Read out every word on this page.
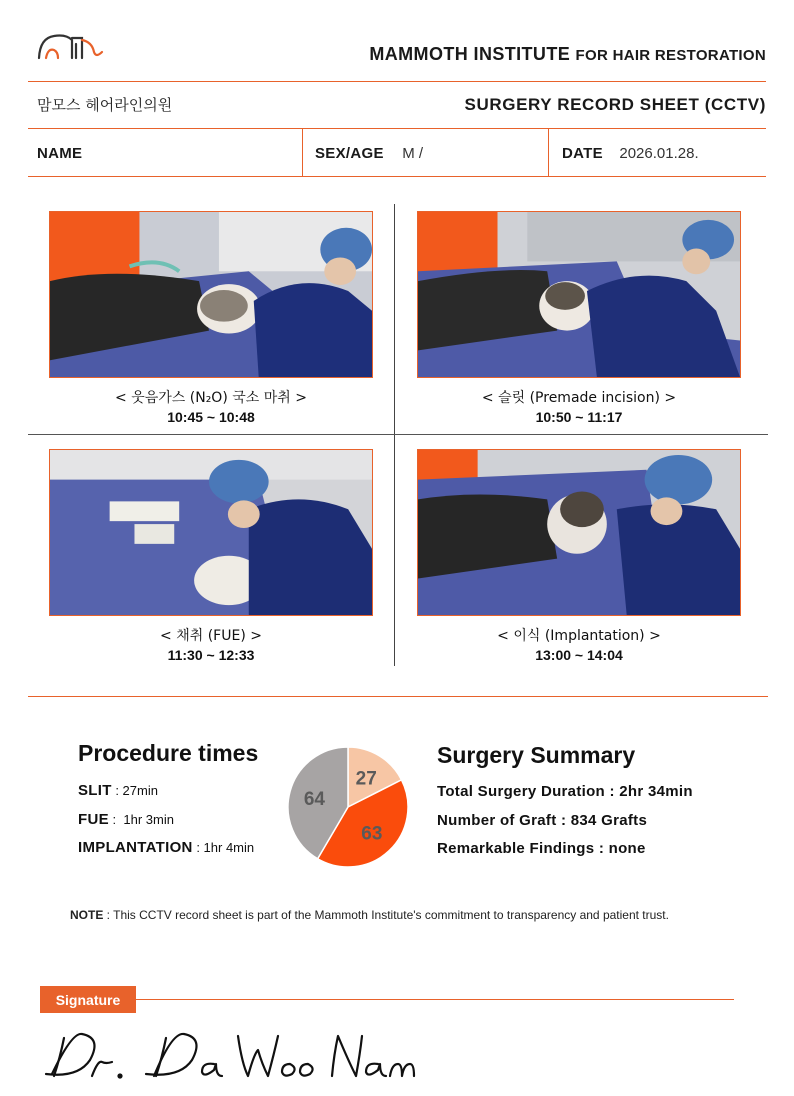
MAMMOTH INSTITUTE FOR HAIR RESTORATION
맘모스 헤어라인의원	SURGERY RECORD SHEET (CCTV)
NAME	SEX/AGE M /	DATE 2026.01.28.
< 웃음가스 (N₂O) 국소 마취 >
10:45 ~ 10:48
< 슬릿 (Premade incision) >
10:50 ~ 11:17
< 채취 (FUE) >
11:30 ~ 12:33
< 이식 (Implantation) >
13:00 ~ 14:04
Procedure times
SLIT : 27min
FUE :  1hr 3min
IMPLANTATION : 1hr 4min
27
63
64
Surgery Summary
Total Surgery Duration : 2hr 34min
Number of Graft : 834 Grafts
Remarkable Findings : none
NOTE : This CCTV record sheet is part of the Mammoth Institute's commitment to transparency and patient trust.
Signature
